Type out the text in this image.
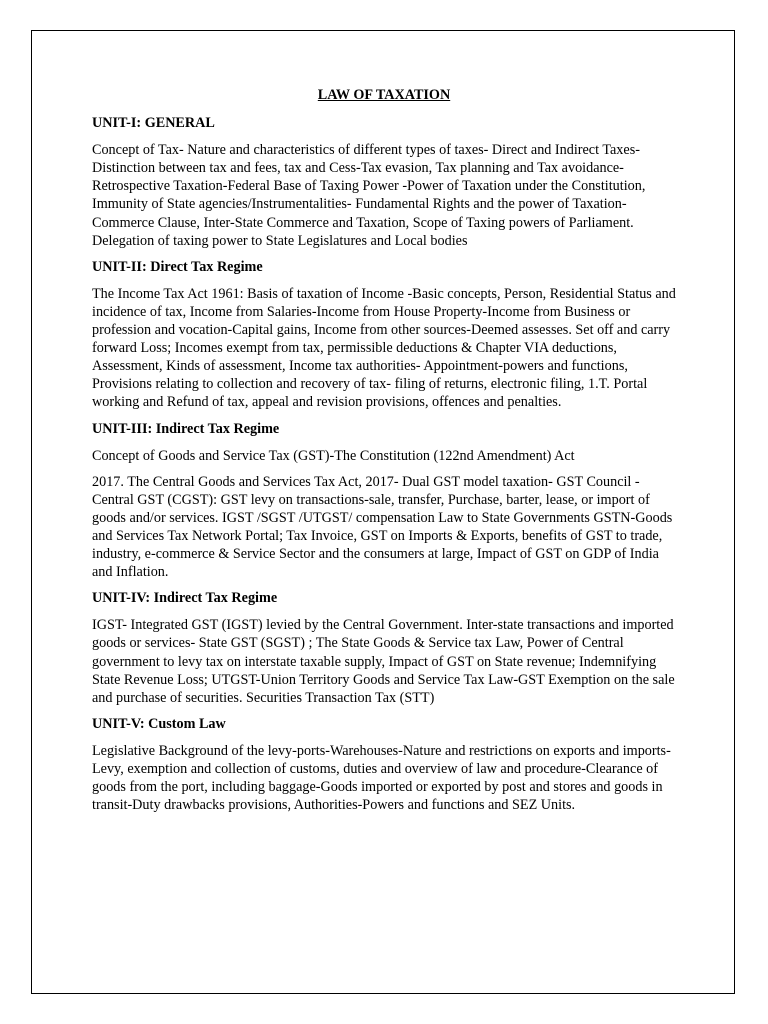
LAW OF TAXATION
UNIT-I: GENERAL
Concept of Tax- Nature and characteristics of different types of taxes- Direct and Indirect Taxes-Distinction between tax and fees, tax and Cess-Tax evasion, Tax planning and Tax avoidance- Retrospective Taxation-Federal Base of Taxing Power -Power of Taxation under the Constitution, Immunity of State agencies/Instrumentalities- Fundamental Rights and the power of Taxation- Commerce Clause, Inter-State Commerce and Taxation, Scope of Taxing powers of Parliament. Delegation of taxing power to State Legislatures and Local bodies
UNIT-II: Direct Tax Regime
The Income Tax Act 1961: Basis of taxation of Income -Basic concepts, Person, Residential Status and incidence of tax, Income from Salaries-Income from House Property-Income from Business or profession and vocation-Capital gains, Income from other sources-Deemed assesses. Set off and carry forward Loss; Incomes exempt from tax, permissible deductions & Chapter VIA deductions, Assessment, Kinds of assessment, Income tax authorities- Appointment-powers and functions, Provisions relating to collection and recovery of tax- filing of returns, electronic filing, 1.T. Portal working and Refund of tax, appeal and revision provisions, offences and penalties.
UNIT-III: Indirect Tax Regime
Concept of Goods and Service Tax (GST)-The Constitution (122nd Amendment) Act
2017. The Central Goods and Services Tax Act, 2017- Dual GST model taxation- GST Council - Central GST (CGST): GST levy on transactions-sale, transfer, Purchase, barter, lease, or import of goods and/or services. IGST /SGST /UTGST/ compensation Law to State Governments GSTN-Goods and Services Tax Network Portal; Tax Invoice, GST on Imports & Exports, benefits of GST to trade, industry, e-commerce & Service Sector and the consumers at large, Impact of GST on GDP of India and Inflation.
UNIT-IV: Indirect Tax Regime
IGST- Integrated GST (IGST) levied by the Central Government. Inter-state transactions and imported goods or services- State GST (SGST) ; The State Goods & Service tax Law, Power of Central government to levy tax on interstate taxable supply, Impact of GST on State revenue; Indemnifying State Revenue Loss; UTGST-Union Territory Goods and Service Tax Law-GST Exemption on the sale and purchase of securities. Securities Transaction Tax (STT)
UNIT-V: Custom Law
Legislative Background of the levy-ports-Warehouses-Nature and restrictions on exports and imports-Levy, exemption and collection of customs, duties and overview of law and procedure-Clearance of goods from the port, including baggage-Goods imported or exported by post and stores and goods in transit-Duty drawbacks provisions, Authorities-Powers and functions and SEZ Units.
